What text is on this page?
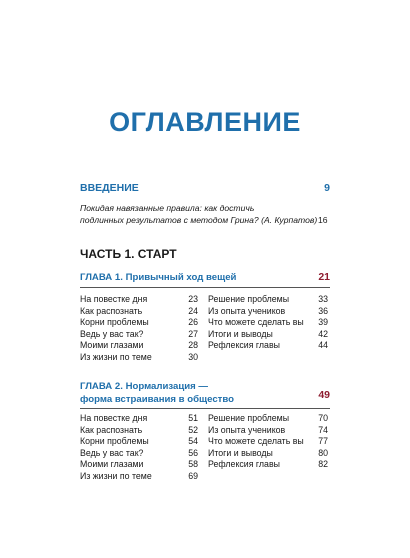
ОГЛАВЛЕНИЕ
ВВЕДЕНИЕ	9
Покидая навязанные правила: как достичь
подлинных результатов с методом Грина? (А. Курпатов) 16
ЧАСТЬ 1. СТАРТ
ГЛАВА 1. Привычный ход вещей	21
На повестке дня	23
Как распознать	24
Корни проблемы	26
Ведь у вас так?	27
Моими глазами	28
Из жизни по теме	30
Решение проблемы	33
Из опыта учеников	36
Что можете сделать вы 39
Итоги и выводы	42
Рефлексия главы	44
ГЛАВА 2. Нормализация —
форма встраивания в общество	49
На повестке дня	51
Как распознать	52
Корни проблемы	54
Ведь у вас так?	56
Моими глазами	58
Из жизни по теме	69
Решение проблемы	70
Из опыта учеников	74
Что можете сделать вы 77
Итоги и выводы	80
Рефлексия главы	82
